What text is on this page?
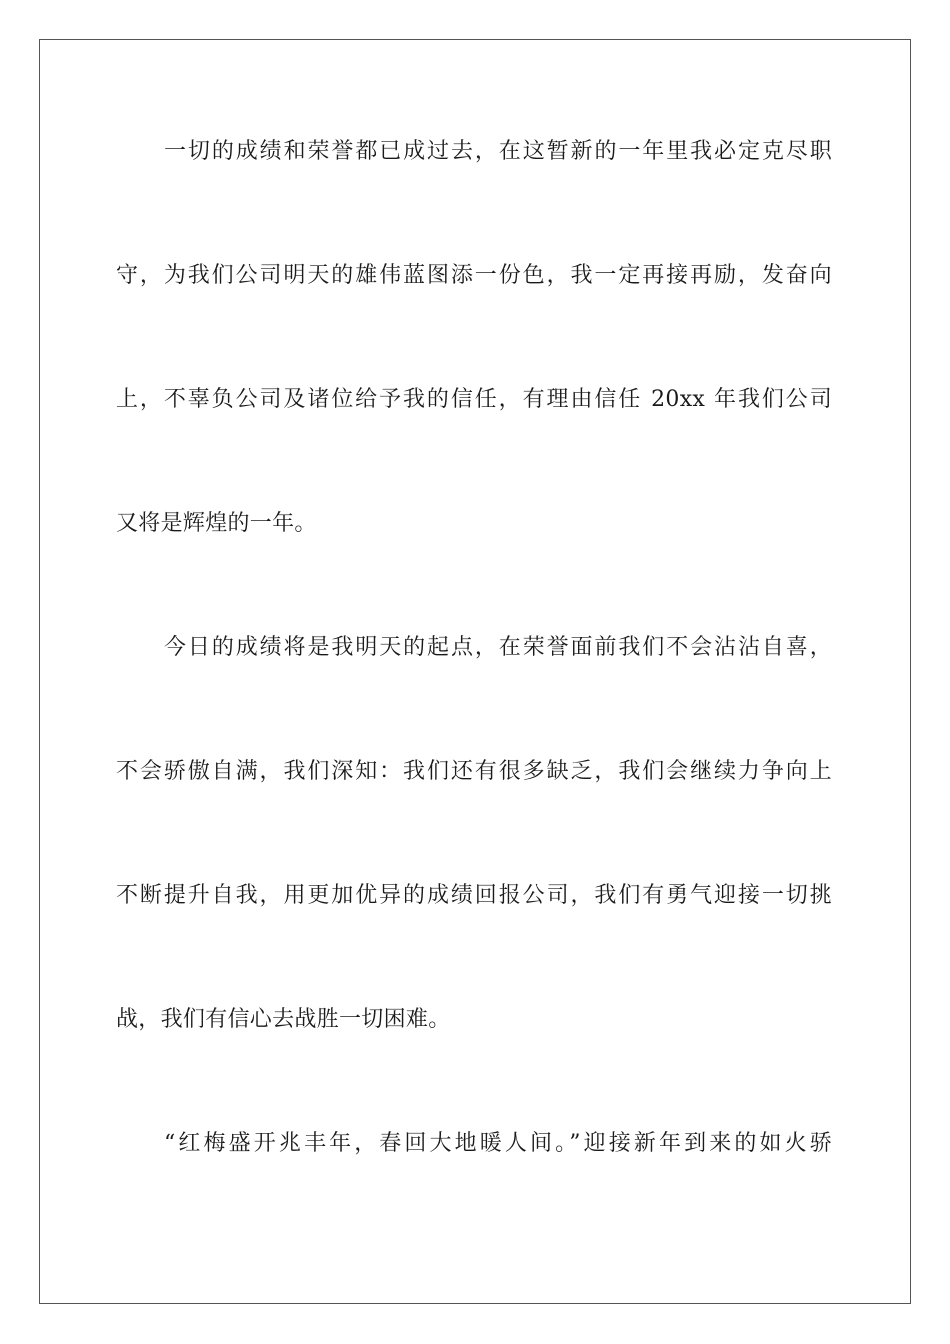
一切的成绩和荣誉都已成过去，在这暂新的一年里我必定克尽职
守，为我们公司明天的雄伟蓝图添一份色，我一定再接再励，发奋向
上，不辜负公司及诸位给予我的信任，有理由信任 20xx 年我们公司
又将是辉煌的一年。
今日的成绩将是我明天的起点，在荣誉面前我们不会沾沾自喜，
不会骄傲自满，我们深知：我们还有很多缺乏，我们会继续力争向上
不断提升自我，用更加优异的成绩回报公司，我们有勇气迎接一切挑
战，我们有信心去战胜一切困难。
“红梅盛开兆丰年，春回大地暖人间。”迎接新年到来的如火骄
